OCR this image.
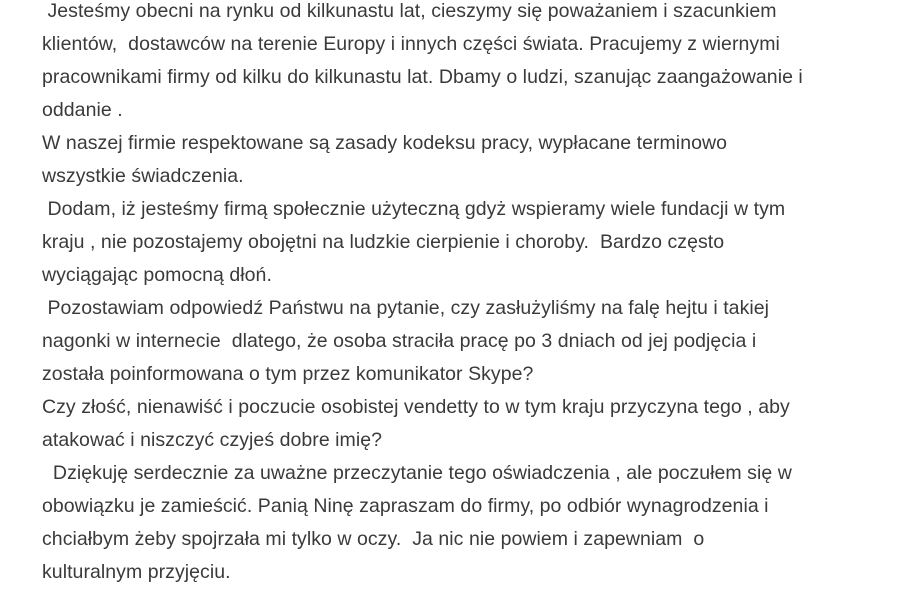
Jesteśmy obecni na rynku od kilkunastu lat, cieszymy się poważaniem i szacunkiem
klientów,  dostawców na terenie Europy i innych części świata. Pracujemy z wiernymi
pracownikami firmy od kilku do kilkunastu lat. Dbamy o ludzi, szanując zaangażowanie i
oddanie .
W naszej firmie respektowane są zasady kodeksu pracy, wypłacane terminowo
wszystkie świadczenia.
Dodam, iż jesteśmy firmą społecznie użyteczną gdyż wspieramy wiele fundacji w tym
kraju , nie pozostajemy obojętni na ludzkie cierpienie i choroby.  Bardzo często
wyciągając pomocną dłoń.
Pozostawiam odpowiedź Państwu na pytanie, czy zasłużyliśmy na falę hejtu i takiej
nagonki w internecie  dlatego, że osoba straciła pracę po 3 dniach od jej podjęcia i
została poinformowana o tym przez komunikator Skype?
Czy złość, nienawiść i poczucie osobistej vendetty to w tym kraju przyczyna tego , aby
atakować i niszczyć czyjeś dobre imię?
Dziękuję serdecznie za uważne przeczytanie tego oświadczenia , ale poczułem się w
obowiązku je zamieścić. Panią Ninę zapraszam do firmy, po odbiór wynagrodzenia i
chciałbym żeby spojrzała mi tylko w oczy.  Ja nic nie powiem i zapewniam  o
kulturalnym przyjęciu.
